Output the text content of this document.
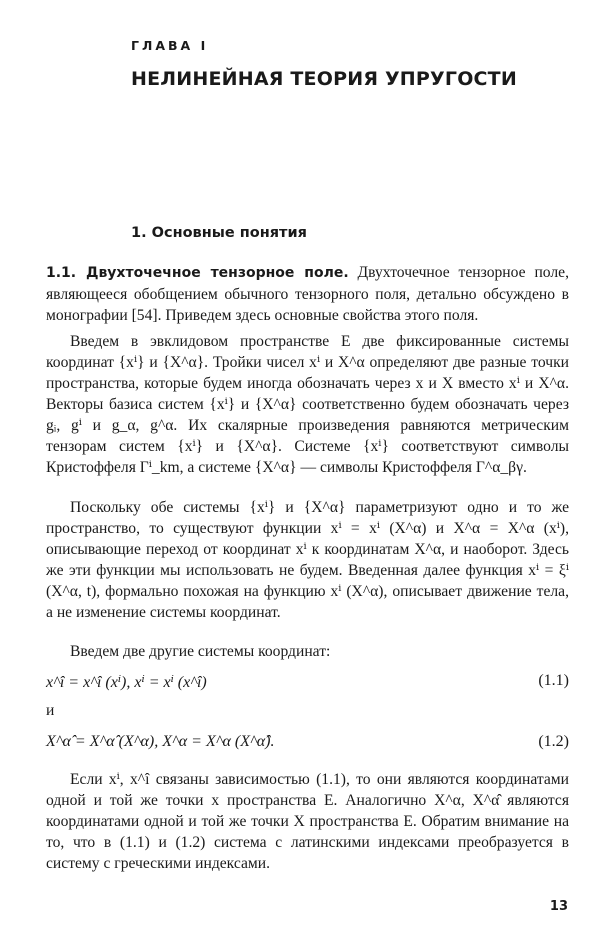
ГЛАВА I
НЕЛИНЕЙНАЯ ТЕОРИЯ УПРУГОСТИ
1. Основные понятия
1.1. Двухточечное тензорное поле. Двухточечное тензорное поле, являющееся обобщением обычного тензорного поля, детально обсуждено в монографии [54]. Приведем здесь основные свойства этого поля.
Введем в эвклидовом пространстве E две фиксированные системы координат {xⁱ} и {X^α}. Тройки чисел xⁱ и X^α определяют две разные точки пространства, которые будем иногда обозначать через x и X вместо xⁱ и X^α. Векторы базиса систем {xⁱ} и {X^α} соответственно будем обозначать через gᵢ, gⁱ и g_α, g^α. Их скалярные произведения равняются метрическим тензорам систем {xⁱ} и {X^α}. Системе {xⁱ} соответствуют символы Кристоффеля Γⁱ_km, а системе {X^α} — символы Кристоффеля Γ^α_βγ.
Поскольку обе системы {xⁱ} и {X^α} параметризуют одно и то же пространство, то существуют функции xⁱ = xⁱ (X^α) и X^α = X^α (xⁱ), описывающие переход от координат xⁱ к координатам X^α, и наоборот. Здесь же эти функции мы использовать не будем. Введенная далее функция xⁱ = ξⁱ (X^α, t), формально похожая на функцию xⁱ (X^α), описывает движение тела, а не изменение системы координат.
Введем две другие системы координат:
x^î = x^î (xⁱ), xⁱ = xⁱ (x^î)	(1.1)
и
X^α̂ = X^α̂ (X^α), X^α = X^α (X^α̂).	(1.2)
Если xⁱ, x^î связаны зависимостью (1.1), то они являются координатами одной и той же точки x пространства E. Аналогично X^α, X^α̂ являются координатами одной и той же точки X пространства E. Обратим внимание на то, что в (1.1) и (1.2) система с латинскими индексами преобразуется в систему с греческими индексами.
13
